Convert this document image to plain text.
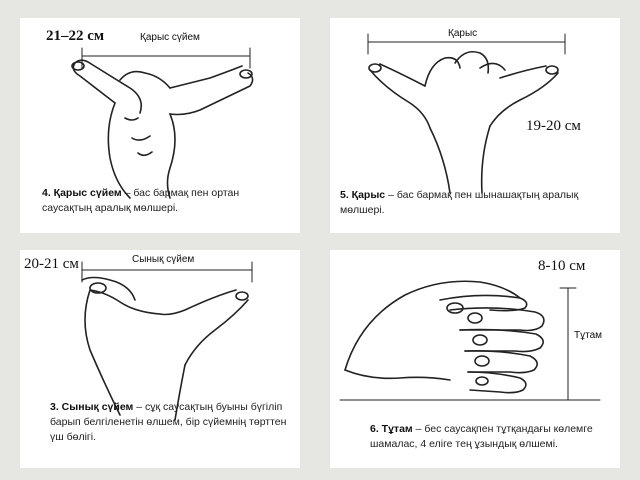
21–22 см	Қарыс сүйем
4. Қарыс сүйем – бас бармақ пен ортан саусақтың аралық мөлшері.
Қарыс
19-20 см
5. Қарыс – бас бармақ пен шынашақтың аралық мөлшері.
20-21 см	Сынық сүйем
3. Сынық сүйем – сұқ саусақтың буыны бүгіліп барып белгіленетін өлшем, бір сүйемнің төрттен үш бөлігі.
8-10 см
Тұтам
6. Тұтам – бес саусақпен тұтқандағы көлемге шамалас, 4 еліге тең ұзындық өлшемі.
